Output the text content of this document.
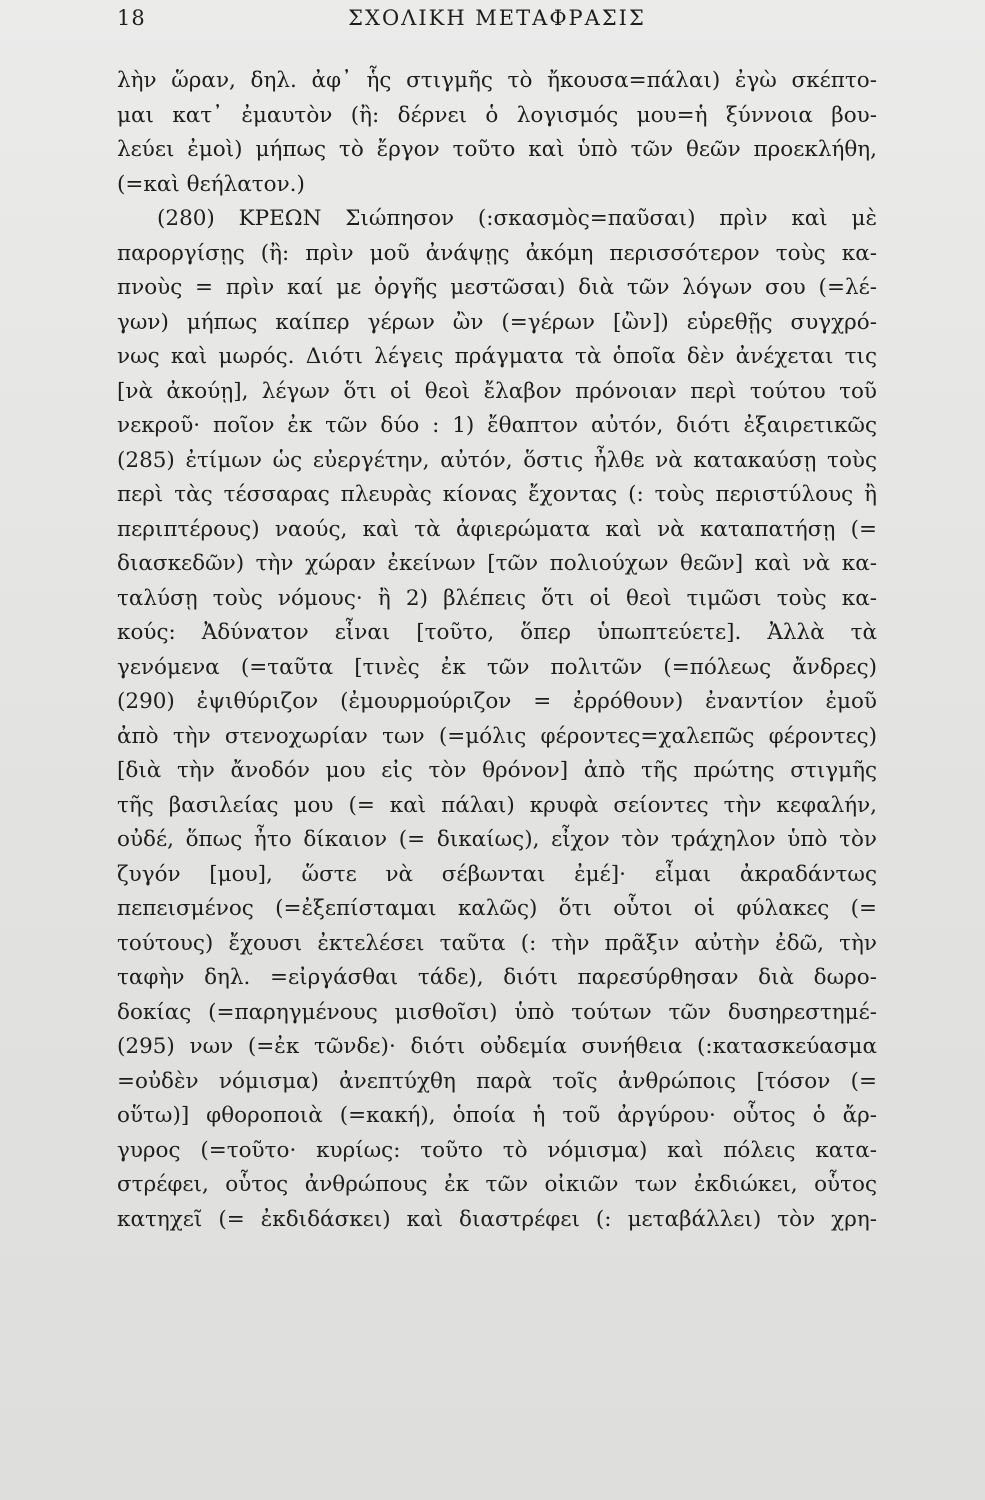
18	ΣΧΟΛΙΚΗ ΜΕΤΑΦΡΑΣΙΣ
λὴν ὥραν, δηλ. ἀφ᾽ ἧς στιγμῆς τὸ ἤκουσα=πάλαι) ἐγὼ σκέπτο-
μαι κατ᾽ ἐμαυτὸν (ἢ: δέρνει ὁ λογισμός μου=ἡ ξύννοια βου-
λεύει ἐμοὶ) μήπως τὸ ἔργον τοῦτο καὶ ὑπὸ τῶν θεῶν προεκλήθη,
(=καὶ θεήλατον.)
(280) ΚΡΕΩΝ Σιώπησον (:σκασμὸς=παῦσαι) πρὶν καὶ μὲ
παροργίσῃς (ἢ: πρὶν μοῦ ἀνάψῃς ἀκόμη περισσότερον τοὺς κα-
πνοὺς = πρὶν καί με ὀργῆς μεστῶσαι) διὰ τῶν λόγων σου (=λέ-
γων) μήπως καίπερ γέρων ὢν (=γέρων [ὢν]) εὑρεθῇς συγχρό-
νως καὶ μωρός. Διότι λέγεις πράγματα τὰ ὁποῖα δὲν ἀνέχεται τις
[νὰ ἀκούῃ], λέγων ὅτι οἱ θεοὶ ἔλαβον πρόνοιαν περὶ τούτου τοῦ
νεκροῦ· ποῖον ἐκ τῶν δύο : 1) ἔθαπτον αὐτόν, διότι ἐξαιρετικῶς
(285) ἐτίμων ὡς εὐεργέτην, αὐτόν, ὅστις ἦλθε νὰ κατακαύσῃ τοὺς
περὶ τὰς τέσσαρας πλευρὰς κίονας ἔχοντας (: τοὺς περιστύλους ἢ
περιπτέρους) ναούς, καὶ τὰ ἀφιερώματα καὶ νὰ καταπατήσῃ (=
διασκεδῶν) τὴν χώραν ἐκείνων [τῶν πολιούχων θεῶν] καὶ νὰ κα-
ταλύσῃ τοὺς νόμους· ἢ 2) βλέπεις ὅτι οἱ θεοὶ τιμῶσι τοὺς κα-
κούς: Ἀδύνατον εἶναι [τοῦτο, ὅπερ ὑπωπτεύετε]. Ἀλλὰ τὰ
γενόμενα (=ταῦτα [τινὲς ἐκ τῶν πολιτῶν (=πόλεως ἄνδρες)
(290) ἐψιθύριζον (ἐμουρμούριζον = ἐρρόθουν) ἐναντίον ἐμοῦ
ἀπὸ τὴν στενοχωρίαν των (=μόλις φέροντες=χαλεπῶς φέροντες)
[διὰ τὴν ἄνοδόν μου εἰς τὸν θρόνον] ἀπὸ τῆς πρώτης στιγμῆς
τῆς βασιλείας μου (= καὶ πάλαι) κρυφὰ σείοντες τὴν κεφαλήν,
οὐδέ, ὅπως ἦτο δίκαιον (= δικαίως), εἶχον τὸν τράχηλον ὑπὸ τὸν
ζυγόν [μου], ὥστε νὰ σέβωνται ἐμέ]· εἶμαι ἀκραδάντως
πεπεισμένος (=ἐξεπίσταμαι καλῶς) ὅτι οὗτοι οἱ φύλακες (=
τούτους) ἔχουσι ἐκτελέσει ταῦτα (: τὴν πρᾶξιν αὐτὴν ἐδῶ, τὴν
ταφὴν δηλ. =εἰργάσθαι τάδε), διότι παρεσύρθησαν διὰ δωρο-
δοκίας (=παρηγμένους μισθοῖσι) ὑπὸ τούτων τῶν δυσηρεστημέ-
(295) νων (=ἐκ τῶνδε)· διότι οὐδεμία συνήθεια (:κατασκεύασμα
=οὐδὲν νόμισμα) ἀνεπτύχθη παρὰ τοῖς ἀνθρώποις [τόσον (=
οὕτω)] φθοροποιὰ (=κακή), ὁποία ἡ τοῦ ἀργύρου· οὗτος ὁ ἄρ-
γυρος (=τοῦτο· κυρίως: τοῦτο τὸ νόμισμα) καὶ πόλεις κατα-
στρέφει, οὗτος ἀνθρώπους ἐκ τῶν οἰκιῶν των ἐκδιώκει, οὗτος
κατηχεῖ (= ἐκδιδάσκει) καὶ διαστρέφει (: μεταβάλλει) τὸν χρη-
